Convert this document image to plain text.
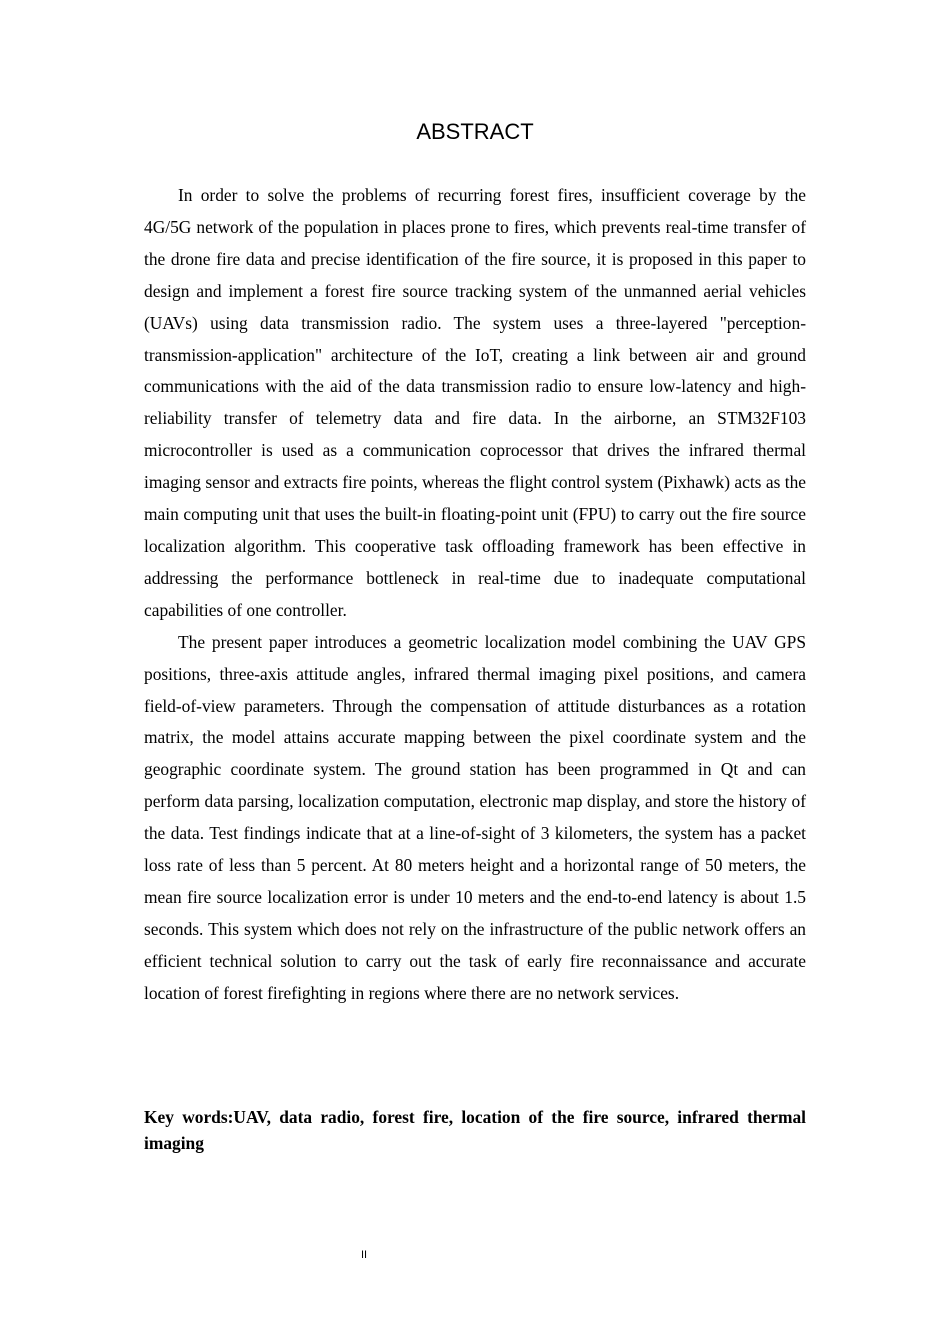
ABSTRACT

In order to solve the problems of recurring forest fires, insufficient coverage by the 4G/5G network of the population in places prone to fires, which prevents real-time transfer of the drone fire data and precise identification of the fire source, it is proposed in this paper to design and implement a forest fire source tracking system of the unmanned aerial vehicles (UAVs) using data transmission radio. The system uses a three-layered "perception-transmission-application" architecture of the IoT, creating a link between air and ground communications with the aid of the data transmission radio to ensure low-latency and high-reliability transfer of telemetry data and fire data. In the airborne, an STM32F103 microcontroller is used as a communication coprocessor that drives the infrared thermal imaging sensor and extracts fire points, whereas the flight control system (Pixhawk) acts as the main computing unit that uses the built-in floating-point unit (FPU) to carry out the fire source localization algorithm. This cooperative task offloading framework has been effective in addressing the performance bottleneck in real-time due to inadequate computational capabilities of one controller.

The present paper introduces a geometric localization model combining the UAV GPS positions, three-axis attitude angles, infrared thermal imaging pixel positions, and camera field-of-view parameters. Through the compensation of attitude disturbances as a rotation matrix, the model attains accurate mapping between the pixel coordinate system and the geographic coordinate system. The ground station has been programmed in Qt and can perform data parsing, localization computation, electronic map display, and store the history of the data. Test findings indicate that at a line-of-sight of 3 kilometers, the system has a packet loss rate of less than 5 percent. At 80 meters height and a horizontal range of 50 meters, the mean fire source localization error is under 10 meters and the end-to-end latency is about 1.5 seconds. This system which does not rely on the infrastructure of the public network offers an efficient technical solution to carry out the task of early fire reconnaissance and accurate location of forest firefighting in regions where there are no network services.

Key words:UAV, data radio, forest fire, location of the fire source, infrared thermal imaging

II
